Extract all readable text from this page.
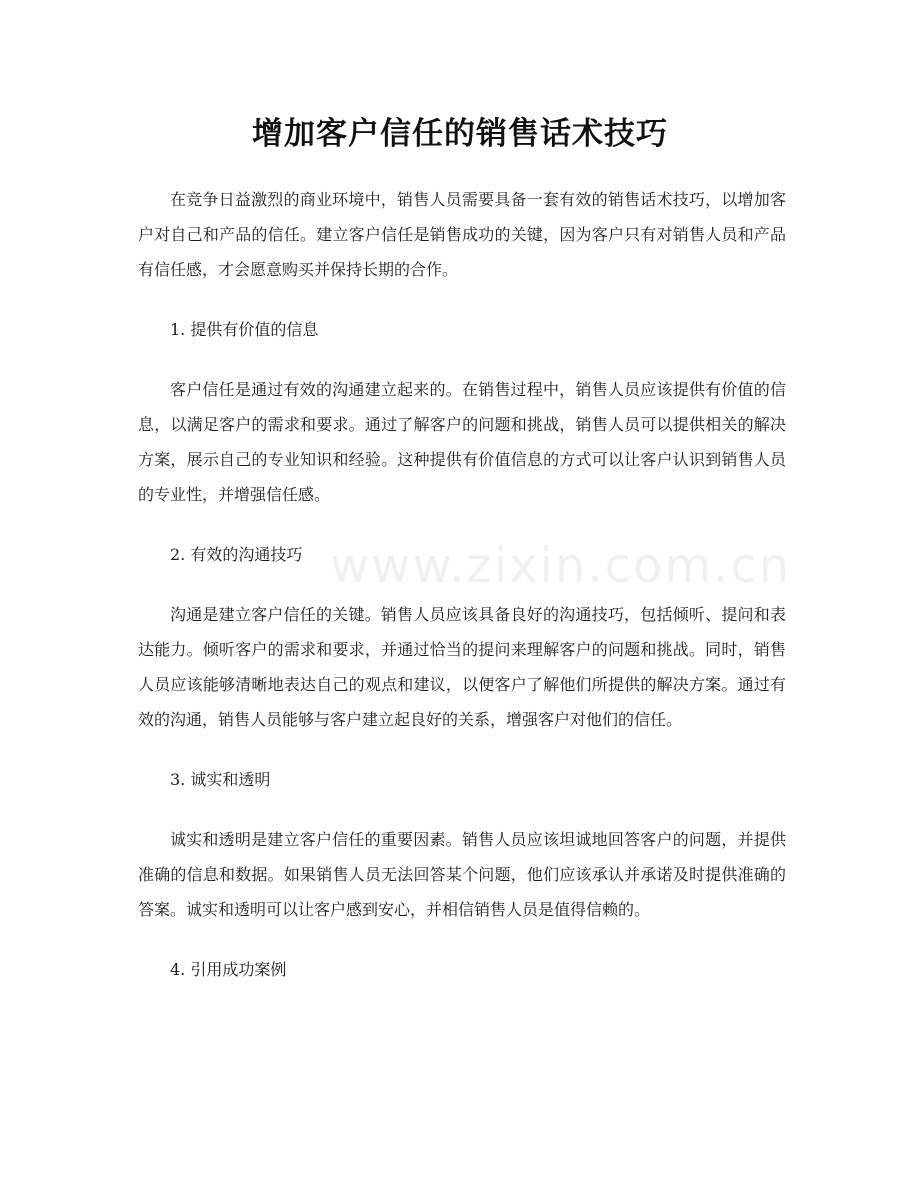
增加客户信任的销售话术技巧
www.zixin.com.cn

在竞争日益激烈的商业环境中，销售人员需要具备一套有效的销售话术技巧，以增加客户对自己和产品的信任。建立客户信任是销售成功的关键，因为客户只有对销售人员和产品有信任感，才会愿意购买并保持长期的合作。

1. 提供有价值的信息

客户信任是通过有效的沟通建立起来的。在销售过程中，销售人员应该提供有价值的信息，以满足客户的需求和要求。通过了解客户的问题和挑战，销售人员可以提供相关的解决方案，展示自己的专业知识和经验。这种提供有价值信息的方式可以让客户认识到销售人员的专业性，并增强信任感。

2. 有效的沟通技巧

沟通是建立客户信任的关键。销售人员应该具备良好的沟通技巧，包括倾听、提问和表达能力。倾听客户的需求和要求，并通过恰当的提问来理解客户的问题和挑战。同时，销售人员应该能够清晰地表达自己的观点和建议，以便客户了解他们所提供的解决方案。通过有效的沟通，销售人员能够与客户建立起良好的关系，增强客户对他们的信任。

3. 诚实和透明

诚实和透明是建立客户信任的重要因素。销售人员应该坦诚地回答客户的问题，并提供准确的信息和数据。如果销售人员无法回答某个问题，他们应该承认并承诺及时提供准确的答案。诚实和透明可以让客户感到安心，并相信销售人员是值得信赖的。

4. 引用成功案例
